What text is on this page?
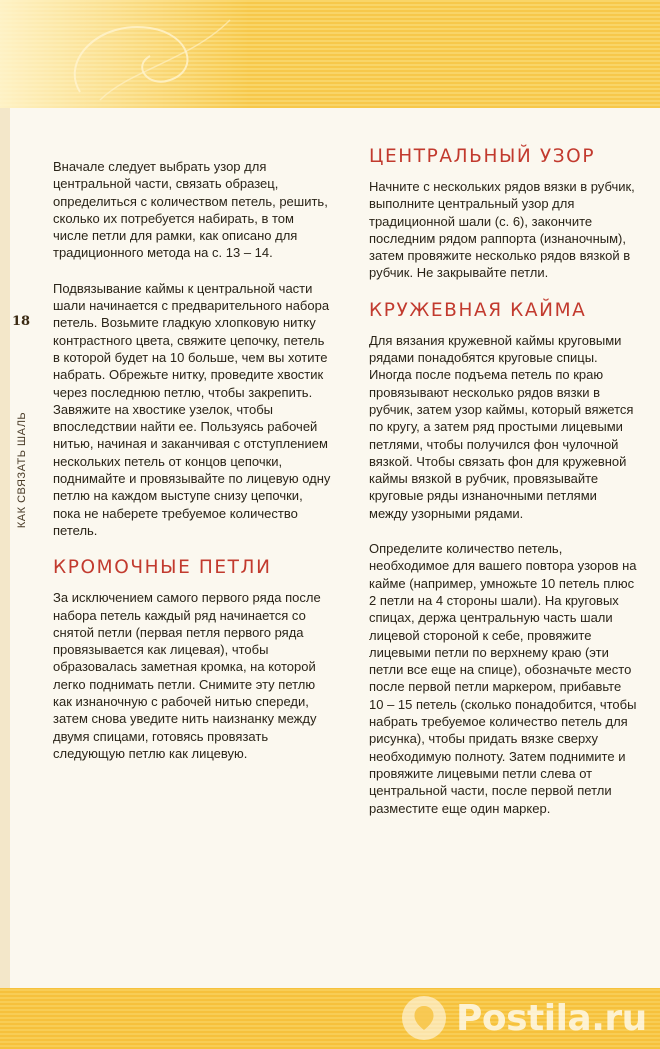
18
КАК СВЯЗАТЬ ШАЛЬ

Вначале следует выбрать узор для центральной части, связать образец, определиться с количеством петель, решить, сколько их потребуется набирать, в том числе петли для рамки, как описано для традиционного метода на с. 13 – 14.

Подвязывание каймы к центральной части шали начинается с предварительного набора петель. Возьмите гладкую хлопковую нитку контрастного цвета, свяжите цепочку, петель в которой будет на 10 больше, чем вы хотите набрать. Обрежьте нитку, проведите хвостик через последнюю петлю, чтобы закрепить. Завяжите на хвостике узелок, чтобы впоследствии найти ее. Пользуясь рабочей нитью, начиная и заканчивая с отступлением нескольких петель от концов цепочки, поднимайте и провязывайте по лицевую одну петлю на каждом выступе снизу цепочки, пока не наберете требуемое количество петель.

КРОМОЧНЫЕ ПЕТЛИ

За исключением самого первого ряда после набора петель каждый ряд начинается со снятой петли (первая петля первого ряда провязывается как лицевая), чтобы образовалась заметная кромка, на которой легко поднимать петли. Снимите эту петлю как изнаночную с рабочей нитью спереди, затем снова уведите нить наизнанку между двумя спицами, готовясь провязать следующую петлю как лицевую.

ЦЕНТРАЛЬНЫЙ УЗОР

Начните с нескольких рядов вязки в рубчик, выполните центральный узор для традиционной шали (с. 6), закончите последним рядом раппорта (изнаночным), затем провяжите несколько рядов вязкой в рубчик. Не закрывайте петли.

КРУЖЕВНАЯ КАЙМА

Для вязания кружевной каймы круговыми рядами понадобятся круговые спицы. Иногда после подъема петель по краю провязывают несколько рядов вязки в рубчик, затем узор каймы, который вяжется по кругу, а затем ряд простыми лицевыми петлями, чтобы получился фон чулочной вязкой. Чтобы связать фон для кружевной каймы вязкой в рубчик, провязывайте круговые ряды изнаночными петлями между узорными рядами.

Определите количество петель, необходимое для вашего повтора узоров на кайме (например, умножьте 10 петель плюс 2 петли на 4 стороны шали). На круговых спицах, держа центральную часть шали лицевой стороной к себе, провяжите лицевыми петли по верхнему краю (эти петли все еще на спице), обозначьте место после первой петли маркером, прибавьте 10 – 15 петель (сколько понадобится, чтобы набрать требуемое количество петель для рисунка), чтобы придать вязке сверху необходимую полноту. Затем поднимите и провяжите лицевыми петли слева от центральной части, после первой петли разместите еще один маркер.

Postila.ru
